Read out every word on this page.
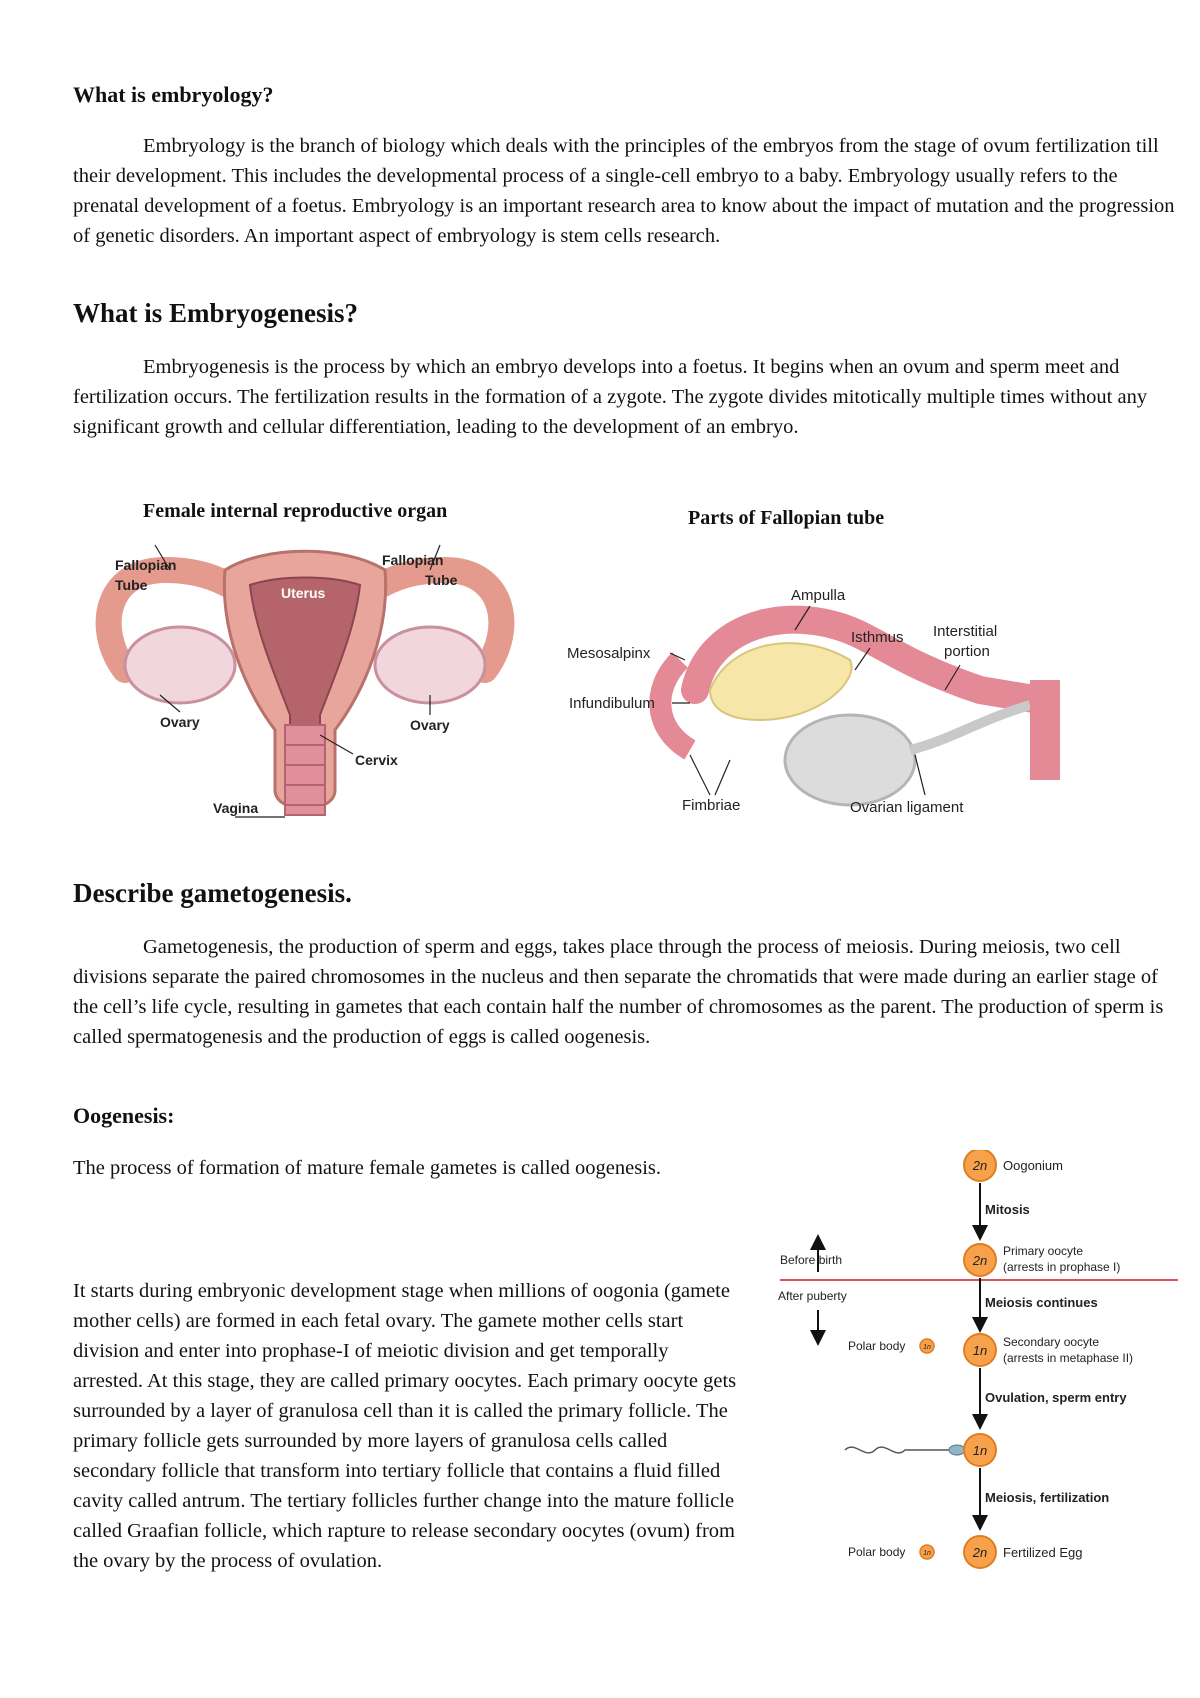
What is embryology?
Embryology is the branch of biology which deals with the principles of the embryos from the stage of ovum fertilization till their development. This includes the developmental process of a single-cell embryo to a baby. Embryology usually refers to the prenatal development of a foetus. Embryology is an important research area to know about the impact of mutation and the progression of genetic disorders. An important aspect of embryology is stem cells research.
What is Embryogenesis?
Embryogenesis is the process by which an embryo develops into a foetus. It begins when an ovum and sperm meet and fertilization occurs. The fertilization results in the formation of a zygote. The zygote divides mitotically multiple times without any significant growth and cellular differentiation, leading to the development of an embryo.
Female internal reproductive organ
Fallopian Tube
Fallopian Tube
Uterus
Ovary	Ovary
Cervix
Vagina
Parts of Fallopian tube
Ampulla
Isthmus Interstitial portion
Mesosalpinx
Infundibulum
Fimbriae	Ovarian ligament
Describe gametogenesis.
Gametogenesis, the production of sperm and eggs, takes place through the process of meiosis. During meiosis, two cell divisions separate the paired chromosomes in the nucleus and then separate the chromatids that were made during an earlier stage of the cell’s life cycle, resulting in gametes that each contain half the number of chromosomes as the parent. The production of sperm is called spermatogenesis and the production of eggs is called oogenesis.
Oogenesis:
The process of formation of mature female gametes is called oogenesis.
It starts during embryonic development stage when millions of oogonia (gamete mother cells) are formed in each fetal ovary. The gamete mother cells start division and enter into prophase-I of meiotic division and get temporally arrested. At this stage, they are called primary oocytes. Each primary oocyte gets surrounded by a layer of granulosa cell than it is called the primary follicle. The primary follicle gets surrounded by more layers of granulosa cells called secondary follicle that transform into tertiary follicle that contains a fluid filled cavity called antrum. The tertiary follicles further change into the mature follicle called Graafian follicle, which rapture to release secondary oocytes (ovum) from the ovary by the process of ovulation.
2n Oogonium
Mitosis
2n
Primary oocyte
(arrests in prophase I)
Before birth
After puberty	Meiosis continues
Polar body	1n	1n
Secondary oocyte
(arrests in metaphase II)
Ovulation, sperm entry
1n
Meiosis, fertilization
Polar body	1n	2n Fertilized Egg
